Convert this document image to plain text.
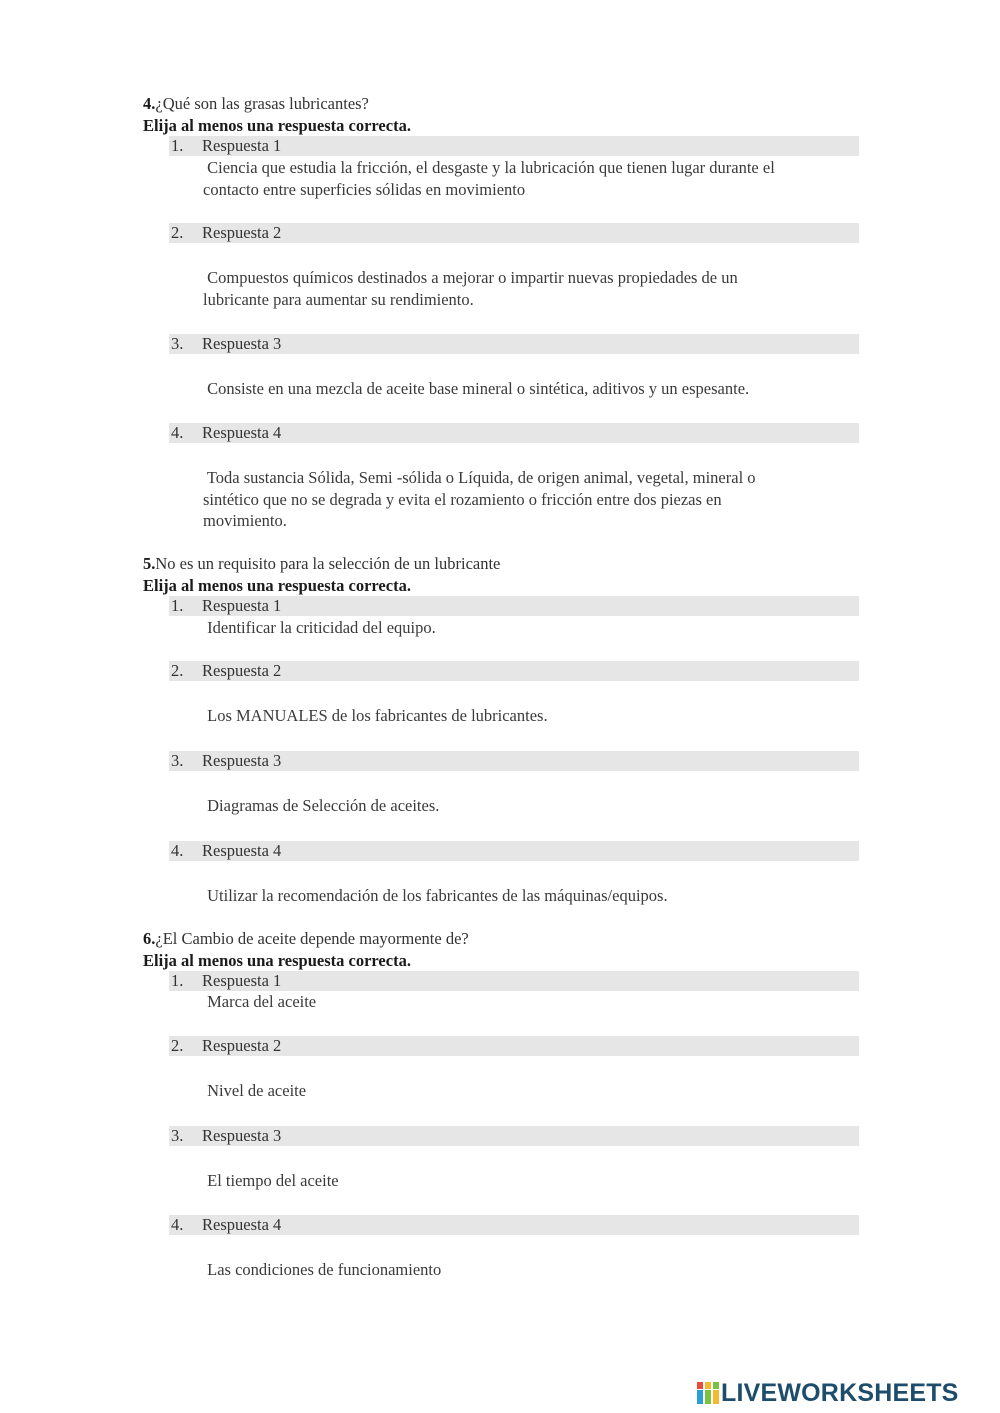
4.¿Qué son las grasas lubricantes?
Elija al menos una respuesta correcta.
1. Respuesta 1
Ciencia que estudia la fricción, el desgaste y la lubricación que tienen lugar durante el
contacto entre superficies sólidas en movimiento
2. Respuesta 2
Compuestos químicos destinados a mejorar o impartir nuevas propiedades de un
lubricante para aumentar su rendimiento.
3. Respuesta 3
Consiste en una mezcla de aceite base mineral o sintética, aditivos y un espesante.
4. Respuesta 4
Toda sustancia Sólida, Semi -sólida o Líquida, de origen animal, vegetal, mineral o
sintético que no se degrada y evita el rozamiento o fricción entre dos piezas en
movimiento.
5.No es un requisito para la selección de un lubricante
Elija al menos una respuesta correcta.
1. Respuesta 1
Identificar la criticidad del equipo.
2. Respuesta 2
Los MANUALES de los fabricantes de lubricantes.
3. Respuesta 3
Diagramas de Selección de aceites.
4. Respuesta 4
Utilizar la recomendación de los fabricantes de las máquinas/equipos.
6.¿El Cambio de aceite depende mayormente de?
Elija al menos una respuesta correcta.
1. Respuesta 1
Marca del aceite
2. Respuesta 2
Nivel de aceite
3. Respuesta 3
El tiempo del aceite
4. Respuesta 4
Las condiciones de funcionamiento
LIVEWORKSHEETS
